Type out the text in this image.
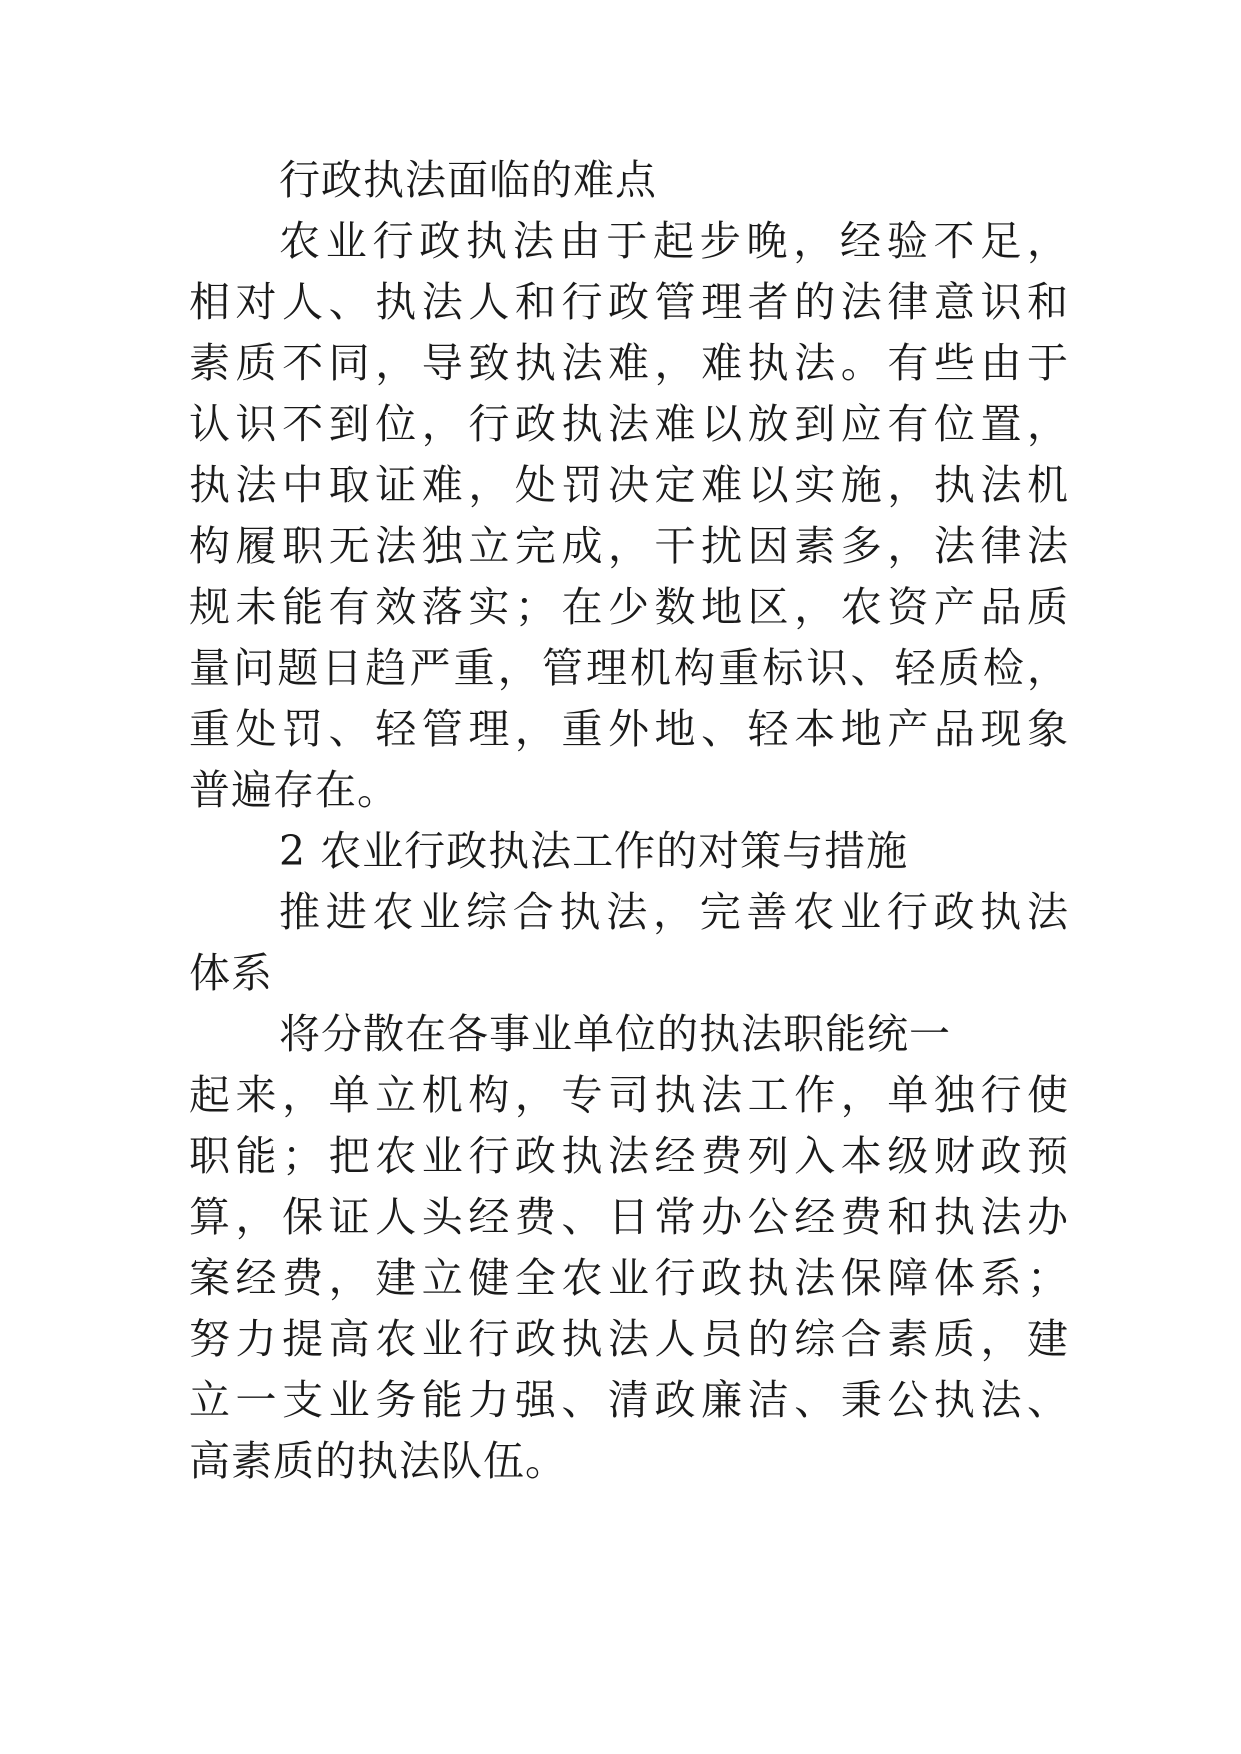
行政执法面临的难点
农业行政执法由于起步晚，经验不足，
相对人、执法人和行政管理者的法律意识和
素质不同，导致执法难，难执法。有些由于
认识不到位，行政执法难以放到应有位置，
执法中取证难，处罚决定难以实施，执法机
构履职无法独立完成，干扰因素多，法律法
规未能有效落实；在少数地区，农资产品质
量问题日趋严重，管理机构重标识、轻质检，
重处罚、轻管理，重外地、轻本地产品现象
普遍存在。
2 农业行政执法工作的对策与措施
推进农业综合执法，完善农业行政执法
体系
将分散在各事业单位的执法职能统一
起来，单立机构，专司执法工作，单独行使
职能；把农业行政执法经费列入本级财政预
算，保证人头经费、日常办公经费和执法办
案经费，建立健全农业行政执法保障体系；
努力提高农业行政执法人员的综合素质，建
立一支业务能力强、清政廉洁、秉公执法、
高素质的执法队伍。
